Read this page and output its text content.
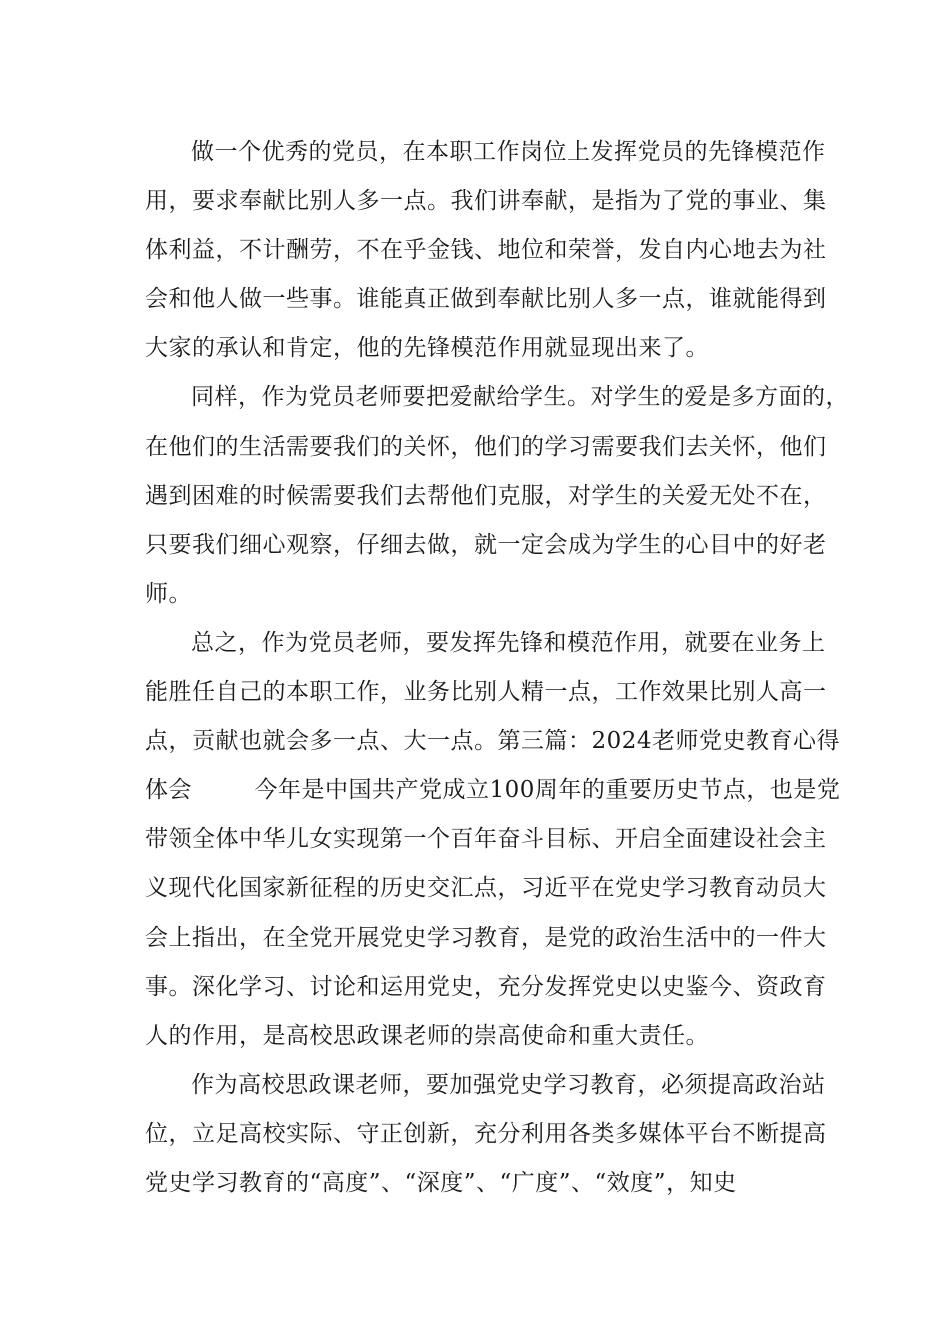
做一个优秀的党员，在本职工作岗位上发挥党员的先锋模范作
用，要求奉献比别人多一点。我们讲奉献，是指为了党的事业、集
体利益，不计酬劳，不在乎金钱、地位和荣誉，发自内心地去为社
会和他人做一些事。谁能真正做到奉献比别人多一点，谁就能得到
大家的承认和肯定，他的先锋模范作用就显现出来了。
同样，作为党员老师要把爱献给学生。对学生的爱是多方面的，
在他们的生活需要我们的关怀，他们的学习需要我们去关怀，他们
遇到困难的时候需要我们去帮他们克服，对学生的关爱无处不在，
只要我们细心观察，仔细去做，就一定会成为学生的心目中的好老
师。
总之，作为党员老师，要发挥先锋和模范作用，就要在业务上
能胜任自己的本职工作，业务比别人精一点，工作效果比别人高一
点，贡献也就会多一点、大一点。第三篇：2024老师党史教育心得
体会        今年是中国共产党成立100周年的重要历史节点，也是党
带领全体中华儿女实现第一个百年奋斗目标、开启全面建设社会主
义现代化国家新征程的历史交汇点，习近平在党史学习教育动员大
会上指出，在全党开展党史学习教育，是党的政治生活中的一件大
事。深化学习、讨论和运用党史，充分发挥党史以史鉴今、资政育
人的作用，是高校思政课老师的崇高使命和重大责任。
作为高校思政课老师，要加强党史学习教育，必须提高政治站
位，立足高校实际、守正创新，充分利用各类多媒体平台不断提高
党史学习教育的“高度”、“深度”、“广度”、“效度”，知史
